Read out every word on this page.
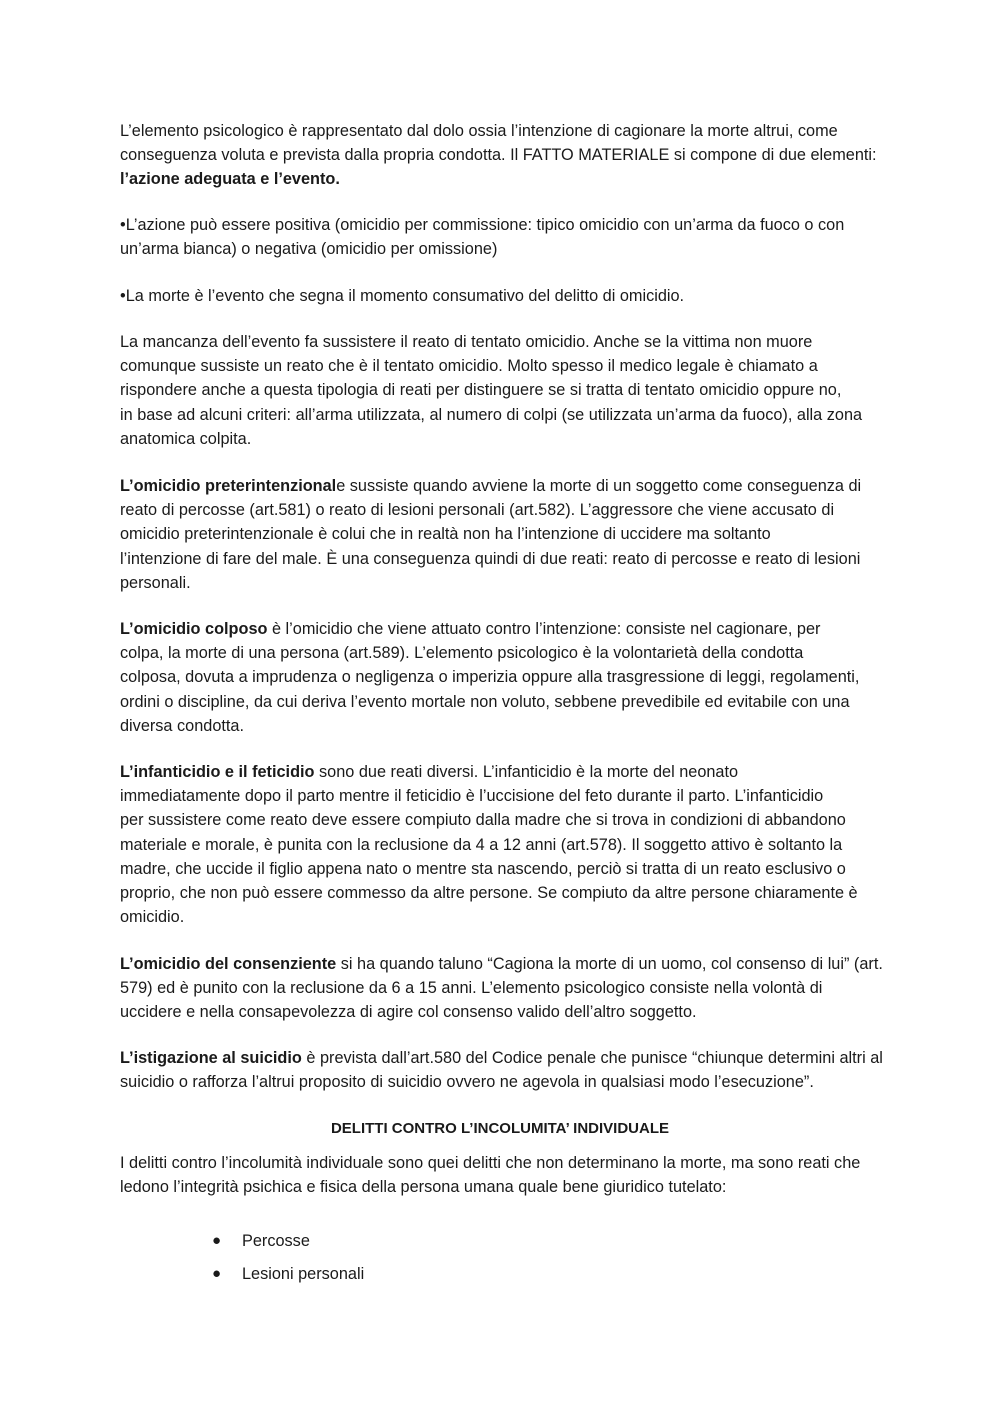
L’elemento psicologico è rappresentato dal dolo ossia l’intenzione di cagionare la morte altrui, come
conseguenza voluta e prevista dalla propria condotta. Il FATTO MATERIALE si compone di due elementi:
l’azione adeguata e l’evento.

•L’azione può essere positiva (omicidio per commissione: tipico omicidio con un’arma da fuoco o con
un’arma bianca) o negativa (omicidio per omissione)

•La morte è l’evento che segna il momento consumativo del delitto di omicidio.

La mancanza dell’evento fa sussistere il reato di tentato omicidio. Anche se la vittima non muore
comunque sussiste un reato che è il tentato omicidio. Molto spesso il medico legale è chiamato a
rispondere anche a questa tipologia di reati per distinguere se si tratta di tentato omicidio oppure no,
in base ad alcuni criteri: all’arma utilizzata, al numero di colpi (se utilizzata un’arma da fuoco), alla zona
anatomica colpita.

L’omicidio preterintenzionale sussiste quando avviene la morte di un soggetto come conseguenza di
reato di percosse (art.581) o reato di lesioni personali (art.582). L’aggressore che viene accusato di
omicidio preterintenzionale è colui che in realtà non ha l’intenzione di uccidere ma soltanto
l’intenzione di fare del male. È una conseguenza quindi di due reati: reato di percosse e reato di lesioni
personali.

L’omicidio colposo è l’omicidio che viene attuato contro l’intenzione: consiste nel cagionare, per
colpa, la morte di una persona (art.589). L’elemento psicologico è la volontarietà della condotta
colposa, dovuta a imprudenza o negligenza o imperizia oppure alla trasgressione di leggi, regolamenti,
ordini o discipline, da cui deriva l’evento mortale non voluto, sebbene prevedibile ed evitabile con una
diversa condotta.

L’infanticidio e il feticidio sono due reati diversi. L’infanticidio è la morte del neonato
immediatamente dopo il parto mentre il feticidio è l’uccisione del feto durante il parto. L’infanticidio
per sussistere come reato deve essere compiuto dalla madre che si trova in condizioni di abbandono
materiale e morale, è punita con la reclusione da 4 a 12 anni (art.578). Il soggetto attivo è soltanto la
madre, che uccide il figlio appena nato o mentre sta nascendo, perciò si tratta di un reato esclusivo o
proprio, che non può essere commesso da altre persone. Se compiuto da altre persone chiaramente è
omicidio.

L’omicidio del consenziente si ha quando taluno “Cagiona la morte di un uomo, col consenso di lui” (art.
579) ed è punito con la reclusione da 6 a 15 anni. L’elemento psicologico consiste nella volontà di
uccidere e nella consapevolezza di agire col consenso valido dell’altro soggetto.

L’istigazione al suicidio è prevista dall’art.580 del Codice penale che punisce “chiunque determini altri al
suicidio o rafforza l’altrui proposito di suicidio ovvero ne agevola in qualsiasi modo l’esecuzione”.

DELITTI CONTRO L’INCOLUMITA’ INDIVIDUALE

I delitti contro l’incolumità individuale sono quei delitti che non determinano la morte, ma sono reati che
ledono l’integrità psichica e fisica della persona umana quale bene giuridico tutelato:

● Percosse
● Lesioni personali
